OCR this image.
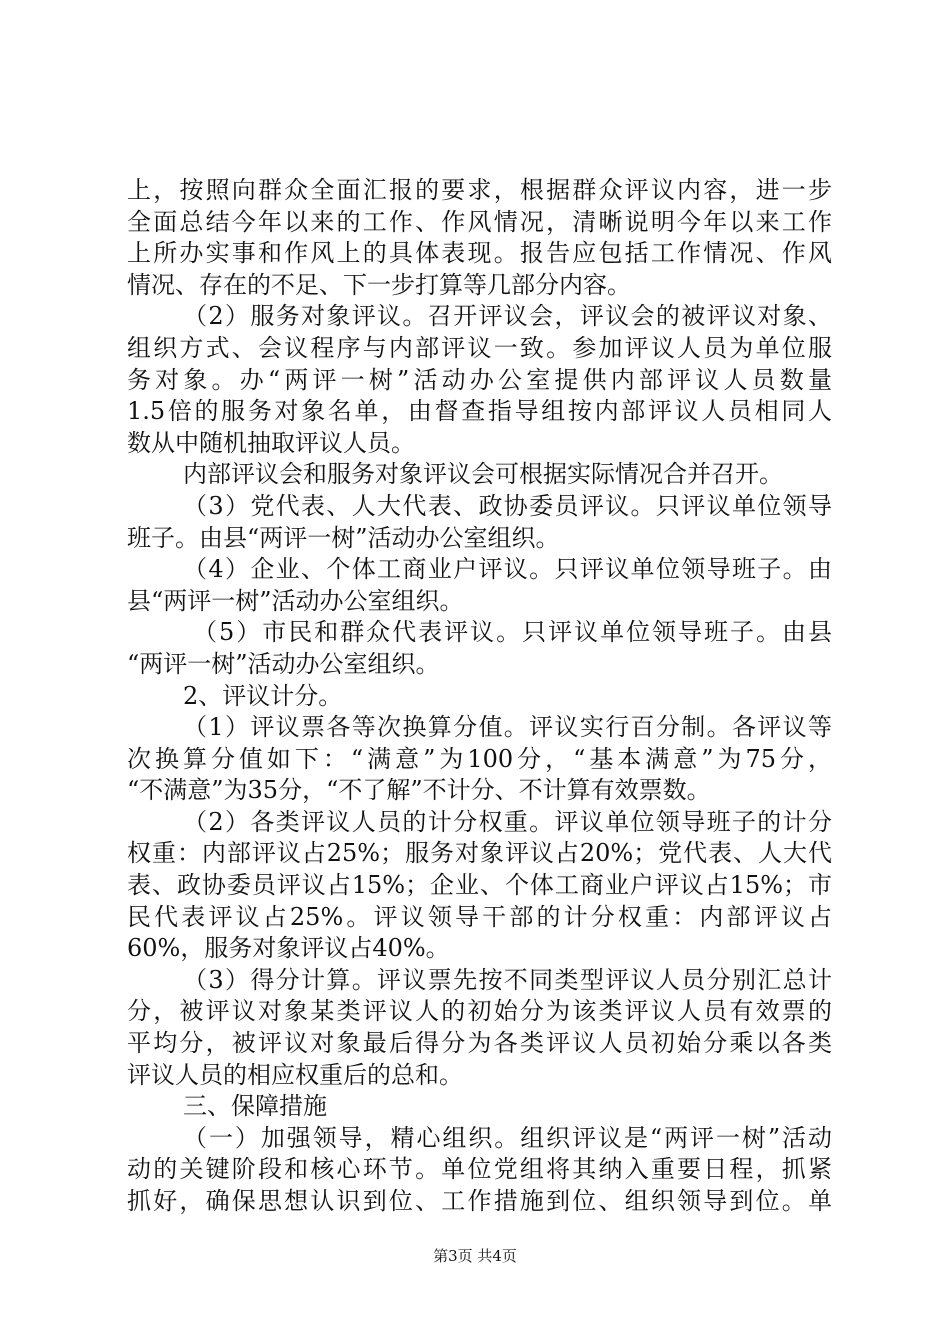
上，按照向群众全面汇报的要求，根据群众评议内容，进一步
全面总结今年以来的工作、作风情况，清晰说明今年以来工作
上所办实事和作风上的具体表现。报告应包括工作情况、作风
情况、存在的不足、下一步打算等几部分内容。
（2）服务对象评议。召开评议会，评议会的被评议对象、
组织方式、会议程序与内部评议一致。参加评议人员为单位服
务对象。办“两评一树”活动办公室提供内部评议人员数量
1.5倍的服务对象名单，由督查指导组按内部评议人员相同人
数从中随机抽取评议人员。
内部评议会和服务对象评议会可根据实际情况合并召开。
（3）党代表、人大代表、政协委员评议。只评议单位领导
班子。由县“两评一树”活动办公室组织。
（4）企业、个体工商业户评议。只评议单位领导班子。由
县“两评一树”活动办公室组织。
（5）市民和群众代表评议。只评议单位领导班子。由县
“两评一树”活动办公室组织。
2、评议计分。
（1）评议票各等次换算分值。评议实行百分制。各评议等
次换算分值如下：“满意”为100分，“基本满意”为75分，
“不满意”为35分，“不了解”不计分、不计算有效票数。
（2）各类评议人员的计分权重。评议单位领导班子的计分
权重：内部评议占25%；服务对象评议占20%；党代表、人大代
表、政协委员评议占15%；企业、个体工商业户评议占15%；市
民代表评议占25%。评议领导干部的计分权重：内部评议占
60%，服务对象评议占40%。
（3）得分计算。评议票先按不同类型评议人员分别汇总计
分，被评议对象某类评议人的初始分为该类评议人员有效票的
平均分，被评议对象最后得分为各类评议人员初始分乘以各类
评议人员的相应权重后的总和。
三、保障措施
（一）加强领导，精心组织。组织评议是“两评一树”活动
动的关键阶段和核心环节。单位党组将其纳入重要日程，抓紧
抓好，确保思想认识到位、工作措施到位、组织领导到位。单
第3页 共4页
